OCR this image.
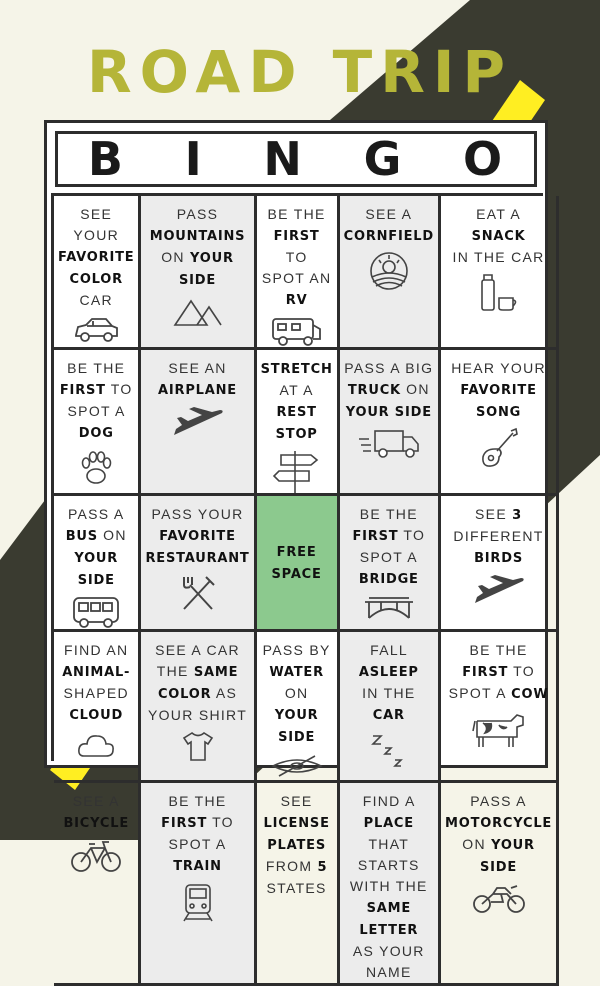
ROAD TRIP
B I N G O
SEE YOUR
FAVORITE
COLOR CAR
PASS
MOUNTAINS
ON YOUR
SIDE
BE THE
FIRST TO
SPOT AN RV
SEE A
CORNFIELD
EAT A
SNACK
IN THE CAR
BE THE
FIRST TO
SPOT A DOG
SEE AN
AIRPLANE
STRETCH
AT A
REST STOP
PASS A BIG
TRUCK ON
YOUR SIDE
HEAR YOUR
FAVORITE
SONG
PASS A
BUS ON
YOUR SIDE
PASS YOUR
FAVORITE
RESTAURANT	FREE
SPACE
BE THE
FIRST TO
SPOT A
BRIDGE
SEE 3
DIFFERENT
BIRDS
FIND AN
ANIMAL-
SHAPED
CLOUD
SEE A CAR
THE SAME
COLOR AS
YOUR SHIRT
PASS BY
WATER ON
YOUR SIDE
FALL ASLEEP
IN THE CAR
BE THE
FIRST TO
SPOT A COW
SEE A
BICYCLE
BE THE
FIRST TO
SPOT A
TRAIN
SEE
LICENSE
PLATES
FROM 5
STATES
FIND A PLACE
THAT STARTS
WITH THE
SAME LETTER
AS YOUR NAME
PASS A
MOTORCYCLE
ON YOUR
SIDE
